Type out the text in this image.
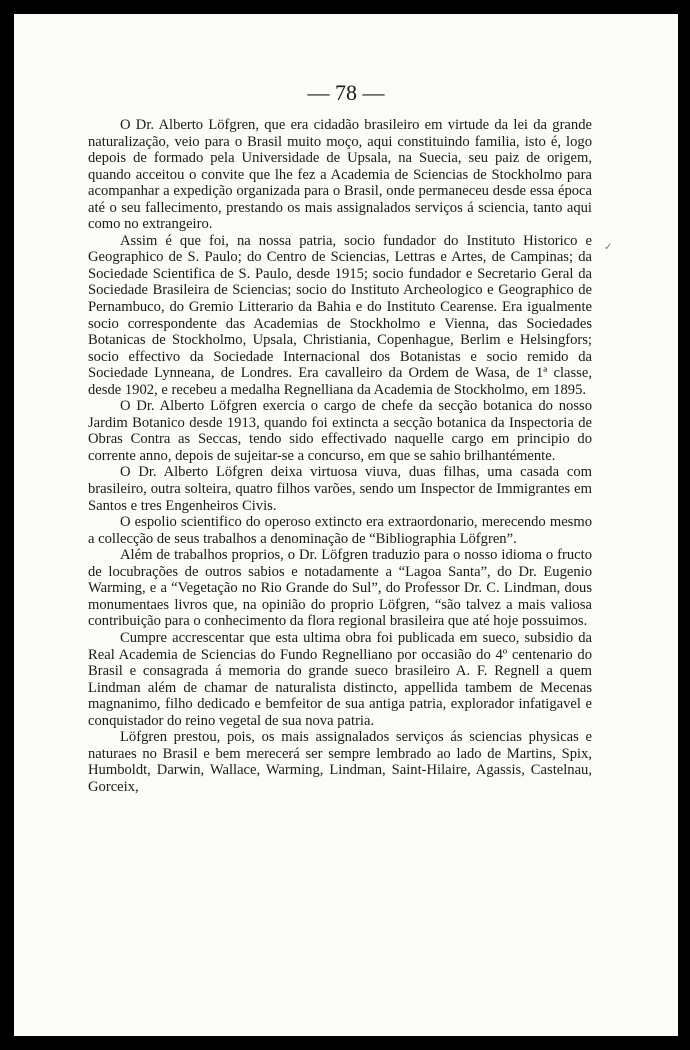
— 78 —
✓

O Dr. Alberto Löfgren, que era cidadão brasileiro em virtude da lei da grande naturalização, veio para o Brasil muito moço, aqui constituindo familia, isto é, logo depois de formado pela Universidade de Upsala, na Suecia, seu paiz de origem, quando acceitou o convite que lhe fez a Academia de Sciencias de Stockholmo para acompanhar a expedição organizada para o Brasil, onde permaneceu desde essa época até o seu fallecimento, prestando os mais assignalados serviços á sciencia, tanto aqui como no extrangeiro.

Assim é que foi, na nossa patria, socio fundador do Instituto Historico e Geographico de S. Paulo; do Centro de Sciencias, Lettras e Artes, de Campinas; da Sociedade Scientifica de S. Paulo, desde 1915; socio fundador e Secretario Geral da Sociedade Brasileira de Sciencias; socio do Instituto Archeologico e Geographico de Pernambuco, do Gremio Litterario da Bahia e do Instituto Cearense. Era igualmente socio correspondente das Academias de Stockholmo e Vienna, das Sociedades Botanicas de Stockholmo, Upsala, Christiania, Copenhague, Berlim e Helsingfors; socio effectivo da Sociedade Internacional dos Botanistas e socio remido da Sociedade Lynneana, de Londres. Era cavalleiro da Ordem de Wasa, de 1ª classe, desde 1902, e recebeu a medalha Regnelliana da Academia de Stockholmo, em 1895.

O Dr. Alberto Löfgren exercia o cargo de chefe da secção botanica do nosso Jardim Botanico desde 1913, quando foi extincta a secção botanica da Inspectoria de Obras Contra as Seccas, tendo sido effectivado naquelle cargo em principio do corrente anno, depois de sujeitar-se a concurso, em que se sahio brilhantémente.

O Dr. Alberto Löfgren deixa virtuosa viuva, duas filhas, uma casada com brasileiro, outra solteira, quatro filhos varões, sendo um Inspector de Immigrantes em Santos e tres Engenheiros Civis.

O espolio scientifico do operoso extincto era extraordonario, merecendo mesmo a collecção de seus trabalhos a denominação de “Bibliographia Löfgren”.

Além de trabalhos proprios, o Dr. Löfgren traduzio para o nosso idioma o fructo de locubrações de outros sabios e notadamente a “Lagoa Santa”, do Dr. Eugenio Warming, e a “Vegetação no Rio Grande do Sul”, do Professor Dr. C. Lindman, dous monumentaes livros que, na opinião do proprio Löfgren, “são talvez a mais valiosa contribuição para o conhecimento da flora regional brasileira que até hoje possuimos.

Cumpre accrescentar que esta ultima obra foi publicada em sueco, subsidio da Real Academia de Sciencias do Fundo Regnelliano por occasião do 4º centenario do Brasil e consagrada á memoria do grande sueco brasileiro A. F. Regnell a quem Lindman além de chamar de naturalista distincto, appellida tambem de Mecenas magnanimo, filho dedicado e bemfeitor de sua antiga patria, explorador infatigavel e conquistador do reino vegetal de sua nova patria.

Löfgren prestou, pois, os mais assignalados serviços ás sciencias physicas e naturaes no Brasil e bem merecerá ser sempre lembrado ao lado de Martins, Spix, Humboldt, Darwin, Wallace, Warming, Lindman, Saint-Hilaire, Agassis, Castelnau, Gorceix,
